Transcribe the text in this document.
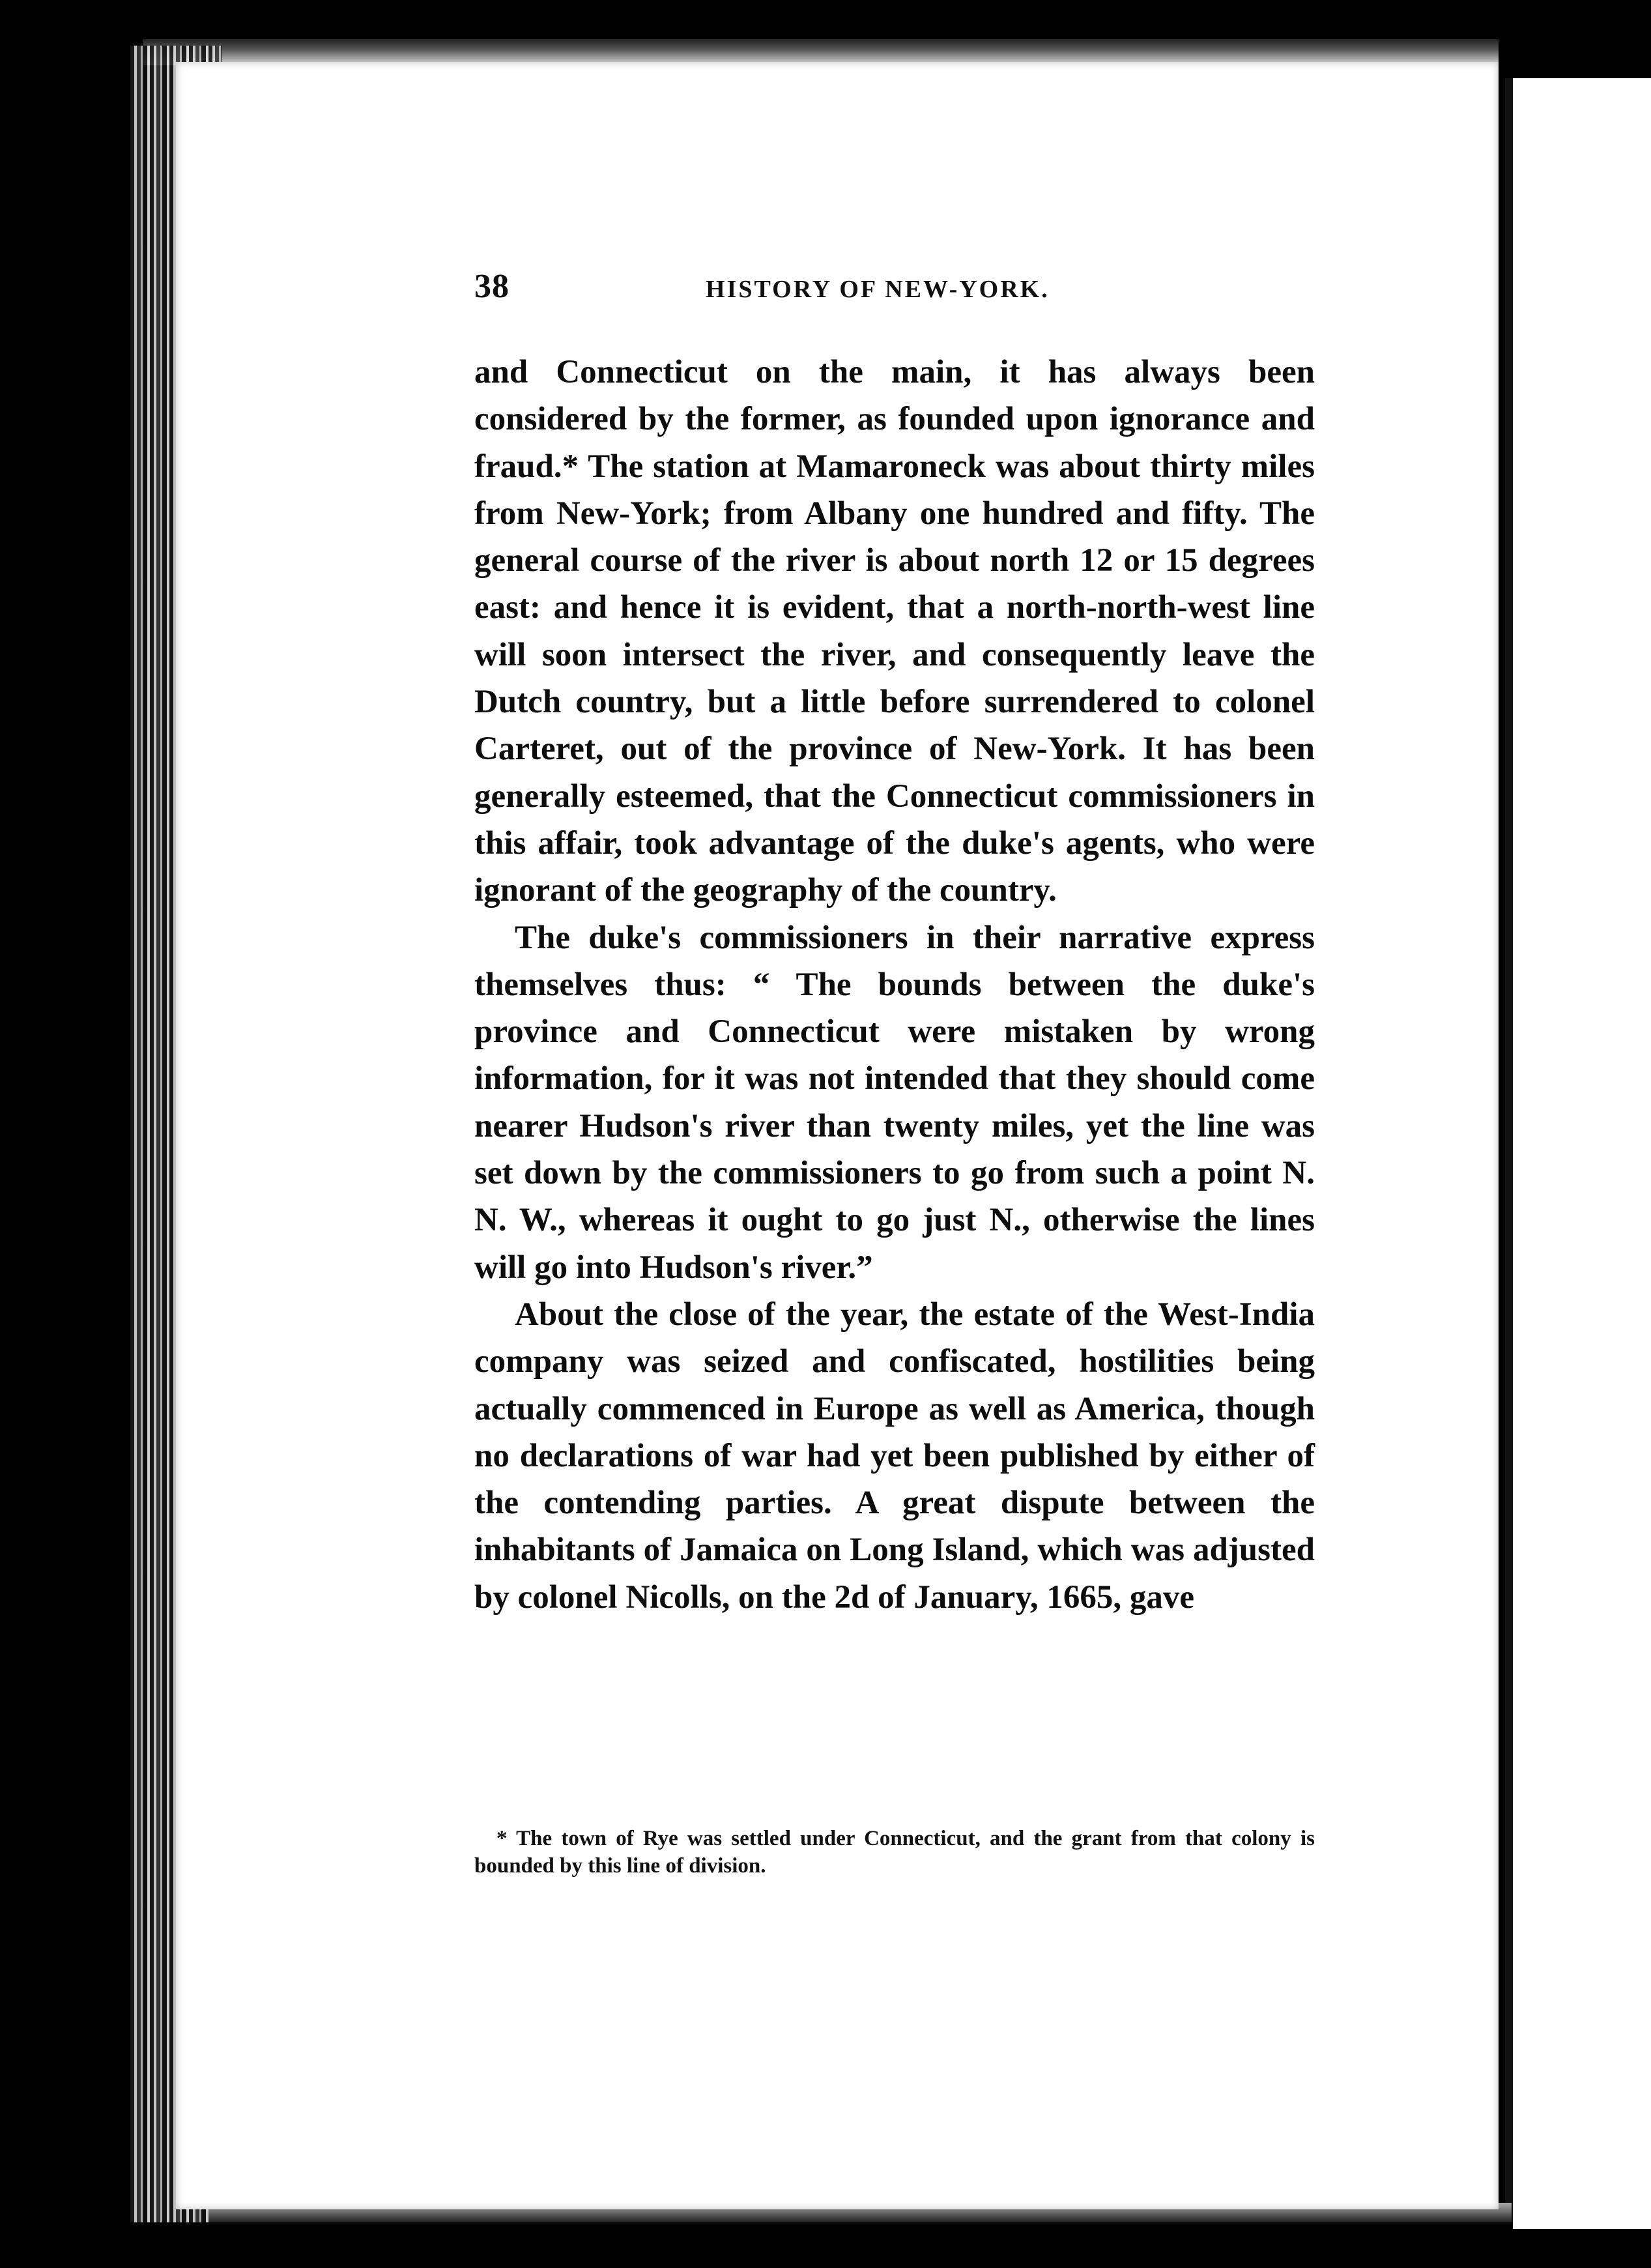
38	HISTORY OF NEW-YORK.

and Connecticut on the main, it has always been considered by the former, as founded upon ignorance and fraud.* The station at Mamaroneck was about thirty miles from New-York; from Albany one hundred and fifty. The general course of the river is about north 12 or 15 degrees east: and hence it is evident, that a north-north-west line will soon intersect the river, and consequently leave the Dutch country, but a little before surrendered to colonel Carteret, out of the province of New-York. It has been generally esteemed, that the Connecticut commissioners in this affair, took advantage of the duke's agents, who were ignorant of the geography of the country.

The duke's commissioners in their narrative express themselves thus: “ The bounds between the duke's province and Connecticut were mistaken by wrong information, for it was not intended that they should come nearer Hudson's river than twenty miles, yet the line was set down by the commissioners to go from such a point N. N. W., whereas it ought to go just N., otherwise the lines will go into Hudson's river.”

About the close of the year, the estate of the West-India company was seized and confiscated, hostilities being actually commenced in Europe as well as America, though no declarations of war had yet been published by either of the contending parties. A great dispute between the inhabitants of Jamaica on Long Island, which was adjusted by colonel Nicolls, on the 2d of January, 1665, gave

* The town of Rye was settled under Connecticut, and the grant from that colony is bounded by this line of division.
